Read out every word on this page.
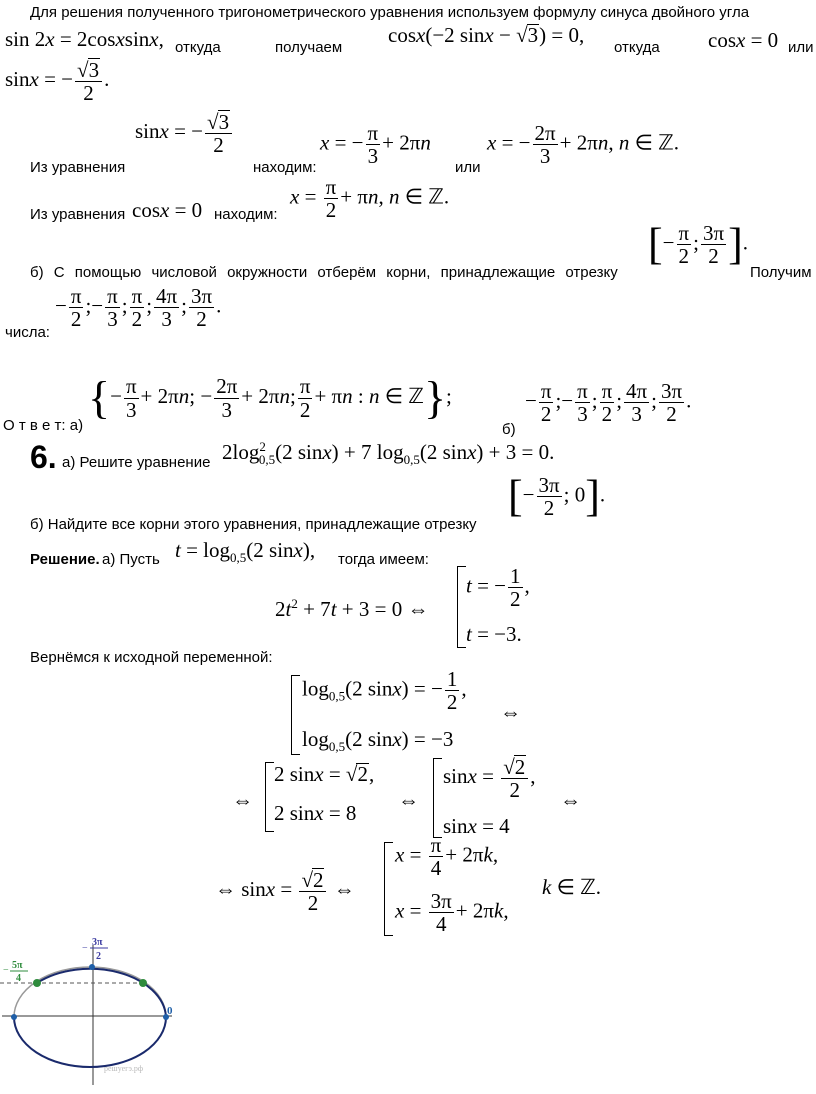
Для решения полученного тригонометрического уравнения используем формулу синуса двойного угла
sin 2x = 2cosxsinx, откуда	получаем
cosx(−2 sinx − √3) = 0,
откуда cosx = 0 или
sinx = − $\frac{√3}{2}$ .
sinx = − $\frac{√3}{2}$
Из уравнения	находим:
x = − $\frac{\pi}{3} + 2\pi n$
или
x = − $\frac{2\pi}{3} + 2\pi n$, n ∈ ℤ.
Из уравнения cosx = 0 находим:
$x = \frac{\pi}{2} + \pi n$, n ∈ ℤ.
[− $\frac{\pi}{2}$ ; $\frac{3\pi}{2}$ ].
б) С помощью числовой окружности отберём корни, принадлежащие отрезку	Получим
− $\frac{\pi}{2}$ ;− $\frac{\pi}{3}$ ; $\frac{\pi}{2}$ ; $\frac{4\pi}{3}$ ; $\frac{3\pi}{2}$ .
числа:
О т в е т: а)
{− $\frac{\pi}{3} + 2\pi n$; − $\frac{2\pi}{3} + 2\pi n$; $\frac{\pi}{2} + \pi n$ : n ∈ ℤ};
б)
− $\frac{\pi}{2}$ ;− $\frac{\pi}{3}$ ; $\frac{\pi}{2}$ ; $\frac{4\pi}{3}$ ; $\frac{3\pi}{2}$ .
6. а) Решите уравнение $2\log^2_{0,5}(2$ sinx) + 7 $\log_{0,5}(2$ sinx) + 3 = 0.
[− $\frac{3\pi}{2}$ ; 0].
б) Найдите все корни этого уравнения, принадлежащие отрезку
Решение. а) Пусть $t = \log_{0,5}(2$ sinx), тогда имеем:
$2t^2 + 7t + 3 = 0$ ⇔
t = − $\frac{1}{2}$ ,
t = −3.
Вернёмся к исходной переменной:
$\log_{0,5}(2$ sinx) = − $\frac{1}{2}$ ,
⇔
$\log_{0,5}(2$ sinx) = −3
⇔
2 sinx = √2,
2 sinx = 8
⇔
$\sin x = \frac{√2}{2}$ ,
sinx = 4
⇔
⇔ $\sin x = \frac{√2}{2}$ ⇔
$x = \frac{\pi}{4} + 2\pi k$,
$x = \frac{3\pi}{4} + 2\pi k$,
k ∈ ℤ.
3π
2
−
5π
4
−
0
решуегэ.рф
